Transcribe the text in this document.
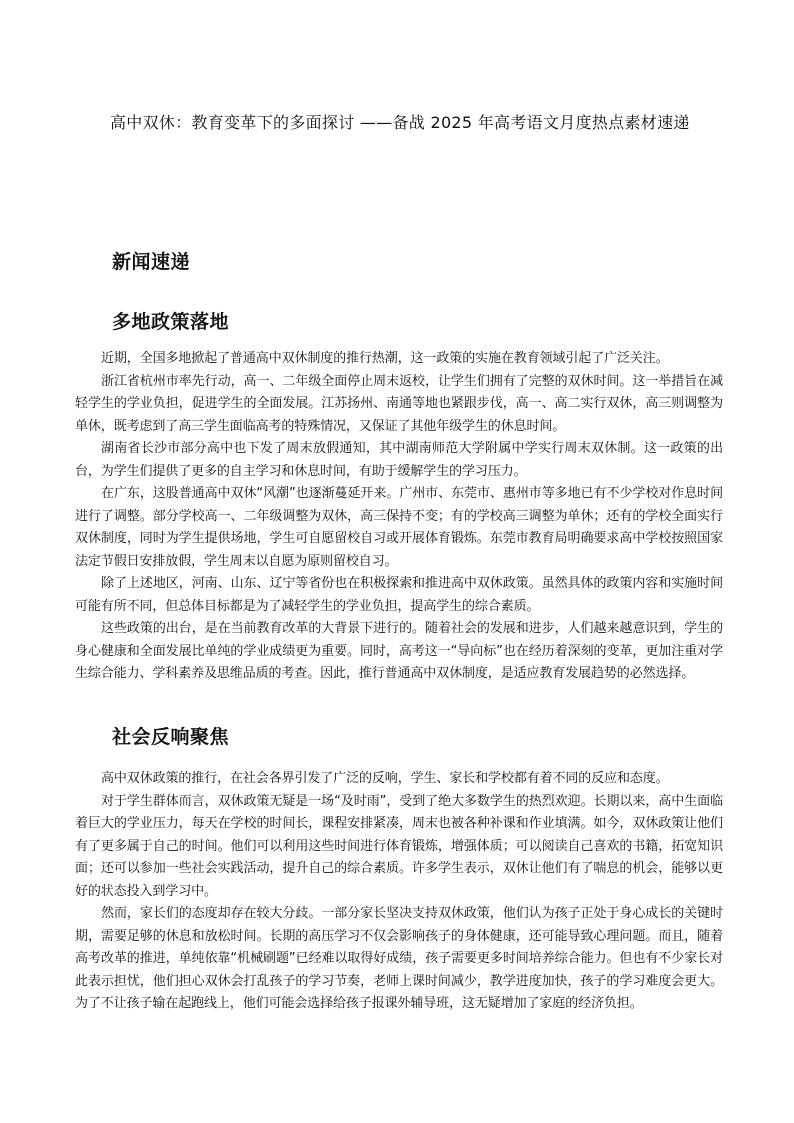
高中双休：教育变革下的多面探讨 ——备战 2025 年高考语文月度热点素材速递
新闻速递
多地政策落地

近期，全国多地掀起了普通高中双休制度的推行热潮，这一政策的实施在教育领域引起了广泛关注。

浙江省杭州市率先行动，高一、二年级全面停止周末返校，让学生们拥有了完整的双休时间。这一举措旨在减轻学生的学业负担，促进学生的全面发展。江苏扬州、南通等地也紧跟步伐，高一、高二实行双休，高三则调整为单休，既考虑到了高三学生面临高考的特殊情况，又保证了其他年级学生的休息时间。

湖南省长沙市部分高中也下发了周末放假通知，其中湖南师范大学附属中学实行周末双休制。这一政策的出台，为学生们提供了更多的自主学习和休息时间，有助于缓解学生的学习压力。

在广东，这股普通高中双休“风潮”也逐渐蔓延开来。广州市、东莞市、惠州市等多地已有不少学校对作息时间进行了调整。部分学校高一、二年级调整为双休，高三保持不变；有的学校高三调整为单休；还有的学校全面实行双休制度，同时为学生提供场地，学生可自愿留校自习或开展体育锻炼。东莞市教育局明确要求高中学校按照国家法定节假日安排放假，学生周末以自愿为原则留校自习。

除了上述地区，河南、山东、辽宁等省份也在积极探索和推进高中双休政策。虽然具体的政策内容和实施时间可能有所不同，但总体目标都是为了减轻学生的学业负担，提高学生的综合素质。

这些政策的出台，是在当前教育改革的大背景下进行的。随着社会的发展和进步，人们越来越意识到，学生的身心健康和全面发展比单纯的学业成绩更为重要。同时，高考这一“导向标”也在经历着深刻的变革，更加注重对学生综合能力、学科素养及思维品质的考查。因此，推行普通高中双休制度，是适应教育发展趋势的必然选择。

社会反响聚焦

高中双休政策的推行，在社会各界引发了广泛的反响，学生、家长和学校都有着不同的反应和态度。

对于学生群体而言，双休政策无疑是一场“及时雨”，受到了绝大多数学生的热烈欢迎。长期以来，高中生面临着巨大的学业压力，每天在学校的时间长，课程安排紧凑，周末也被各种补课和作业填满。如今，双休政策让他们有了更多属于自己的时间。他们可以利用这些时间进行体育锻炼，增强体质；可以阅读自己喜欢的书籍，拓宽知识面；还可以参加一些社会实践活动，提升自己的综合素质。许多学生表示，双休让他们有了喘息的机会，能够以更好的状态投入到学习中。

然而，家长们的态度却存在较大分歧。一部分家长坚决支持双休政策，他们认为孩子正处于身心成长的关键时期，需要足够的休息和放松时间。长期的高压学习不仅会影响孩子的身体健康，还可能导致心理问题。而且，随着高考改革的推进，单纯依靠“机械刷题”已经难以取得好成绩，孩子需要更多时间培养综合能力。但也有不少家长对此表示担忧，他们担心双休会打乱孩子的学习节奏，老师上课时间减少，教学进度加快，孩子的学习难度会更大。为了不让孩子输在起跑线上，他们可能会选择给孩子报课外辅导班，这无疑增加了家庭的经济负担。
